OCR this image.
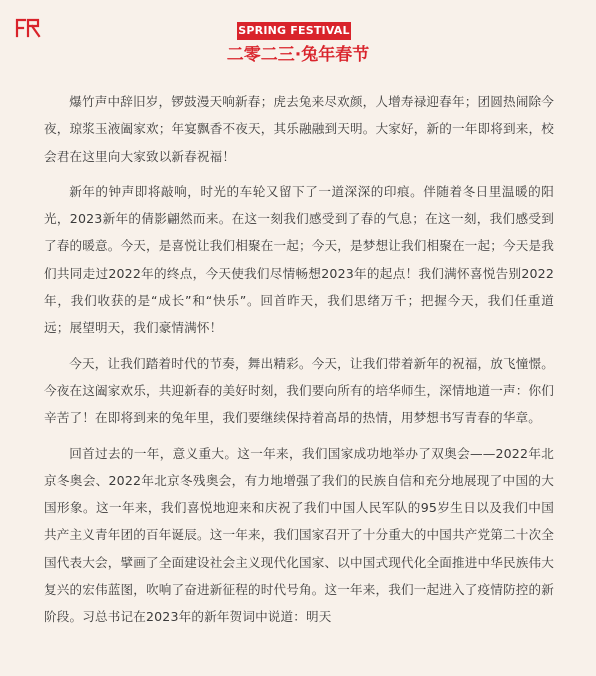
SPRING FESTIVAL
二零二三·兔年春节

爆竹声中辞旧岁，锣鼓漫天响新春；虎去兔来尽欢颜，人增寿禄迎春年；团圆热闹除今夜，琼浆玉液阖家欢；年宴飘香不夜天，其乐融融到天明。大家好，新的一年即将到来，校会君在这里向大家致以新春祝福！

新年的钟声即将敲响，时光的车轮又留下了一道深深的印痕。伴随着冬日里温暖的阳光，2023新年的倩影翩然而来。在这一刻我们感受到了春的气息；在这一刻，我们感受到了春的暖意。今天，是喜悦让我们相聚在一起；今天，是梦想让我们相聚在一起；今天是我们共同走过2022年的终点，今天使我们尽情畅想2023年的起点！我们满怀喜悦告别2022年，我们收获的是“成长”和“快乐”。回首昨天，我们思绪万千；把握今天，我们任重道远；展望明天，我们豪情满怀！

今天，让我们踏着时代的节奏，舞出精彩。今天，让我们带着新年的祝福，放飞憧憬。今夜在这阖家欢乐，共迎新春的美好时刻，我们要向所有的培华师生，深情地道一声：你们辛苦了！在即将到来的兔年里，我们要继续保持着高昂的热情，用梦想书写青春的华章。

回首过去的一年，意义重大。这一年来，我们国家成功地举办了双奥会——2022年北京冬奥会、2022年北京冬残奥会，有力地增强了我们的民族自信和充分地展现了中国的大国形象。这一年来，我们喜悦地迎来和庆祝了我们中国人民军队的95岁生日以及我们中国共产主义青年团的百年诞辰。这一年来，我们国家召开了十分重大的中国共产党第二十次全国代表大会，擘画了全面建设社会主义现代化国家、以中国式现代化全面推进中华民族伟大复兴的宏伟蓝图，吹响了奋进新征程的时代号角。这一年来，我们一起进入了疫情防控的新阶段。习总书记在2023年的新年贺词中说道：明天
